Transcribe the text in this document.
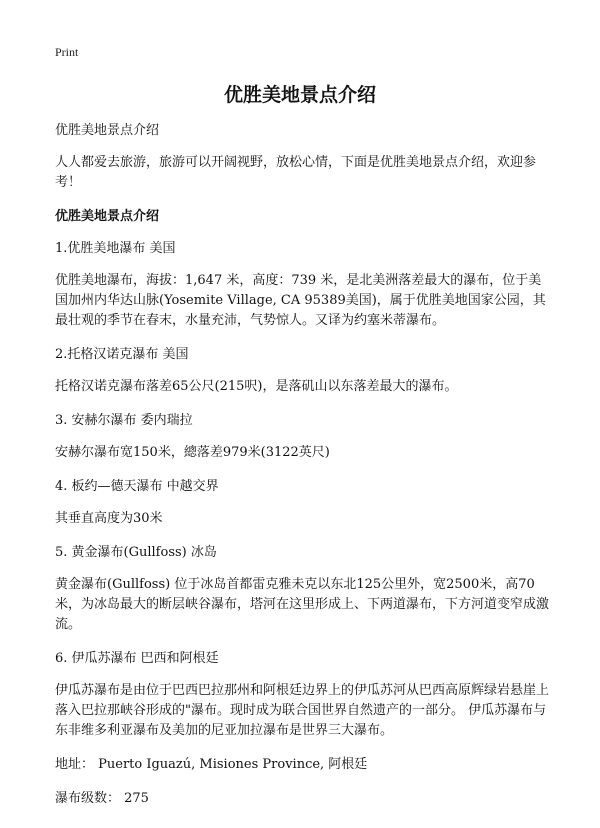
Print
优胜美地景点介绍

优胜美地景点介绍

人人都爱去旅游，旅游可以开阔视野，放松心情，下面是优胜美地景点介绍，欢迎参考！

优胜美地景点介绍

1.优胜美地瀑布 美国

优胜美地瀑布，海拔：1,647 米，高度：739 米，是北美洲落差最大的瀑布，位于美国加州内华达山脉(Yosemite Village, CA 95389美国)，属于优胜美地国家公园，其最壮观的季节在春末，水量充沛，气势惊人。又译为约塞米蒂瀑布。

2.托格汉诺克瀑布 美国

托格汉诺克瀑布落差65公尺(215呎)，是落矶山以东落差最大的瀑布。

3. 安赫尔瀑布 委内瑞拉

安赫尔瀑布宽150米，總落差979米(3122英尺)

4. 板约—德天瀑布 中越交界

其垂直高度为30米

5. 黄金瀑布(Gullfoss) 冰岛

黄金瀑布(Gullfoss) 位于冰岛首都雷克雅未克以东北125公里外，宽2500米，高70米，为冰岛最大的断层峡谷瀑布，塔河在这里形成上、下两道瀑布，下方河道变窄成激流。

6. 伊瓜苏瀑布 巴西和阿根廷

伊瓜苏瀑布是由位于巴西巴拉那州和阿根廷边界上的伊瓜苏河从巴西高原辉绿岩悬崖上落入巴拉那峡谷形成的"瀑布。现时成为联合国世界自然遗产的一部分。 伊瓜苏瀑布与东非维多利亚瀑布及美加的尼亚加拉瀑布是世界三大瀑布。

地址： Puerto Iguazú, Misiones Province, 阿根廷

瀑布级数： 275
